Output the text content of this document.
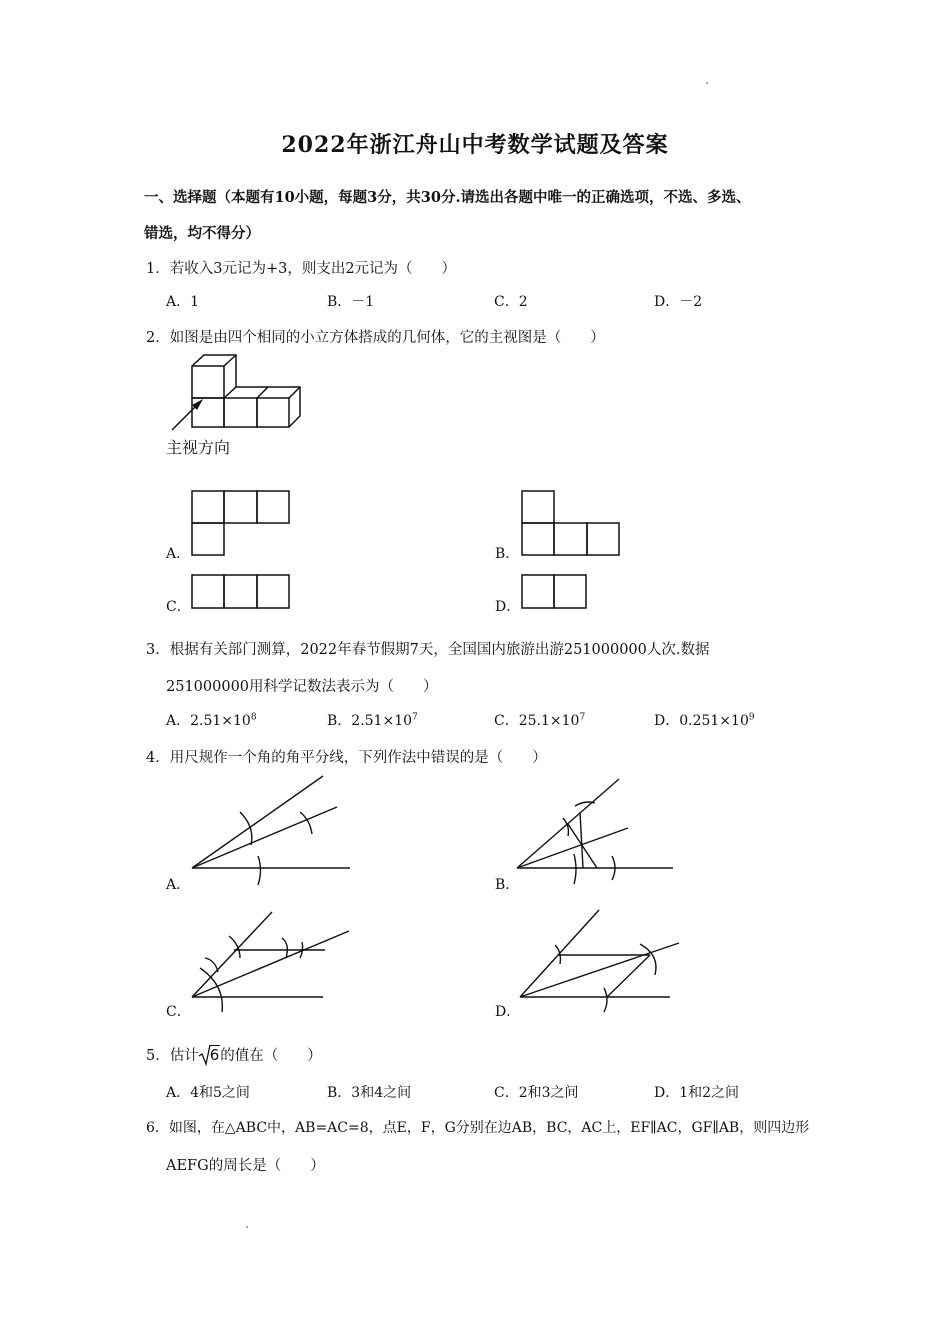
2022年浙江舟山中考数学试题及答案
一、选择题（本题有10小题，每题3分，共30分.请选出各题中唯一的正确选项，不选、多选、
错选，均不得分）
1．若收入3元记为+3，则支出2元记为（　　）
A．1	B．－1	C．2	D．－2
2．如图是由四个相同的小立方体搭成的几何体，它的主视图是（　　）
主视方向
A．	B．
C．	D．
3．根据有关部门测算，2022年春节假期7天，全国国内旅游出游251000000人次.数据
251000000用科学记数法表示为（　　）
A．$2.51\times 10^8$	B．$2.51\times 10^7$	C．$25.1\times 10^7$	D．$0.251\times 10^9$
4．用尺规作一个角的角平分线，下列作法中错误的是（　　）
A．	B．
C．	D．
5．估计 6的值在（　　）
A．4和5之间	B．3和4之间	C．2和3之间	D．1和2之间
6．如图，在△ABC中，AB=AC=8，点E，F，G分别在边AB，BC，AC上，EF∥AC，GF∥AB，则四边形
AEFG的周长是（　　）
